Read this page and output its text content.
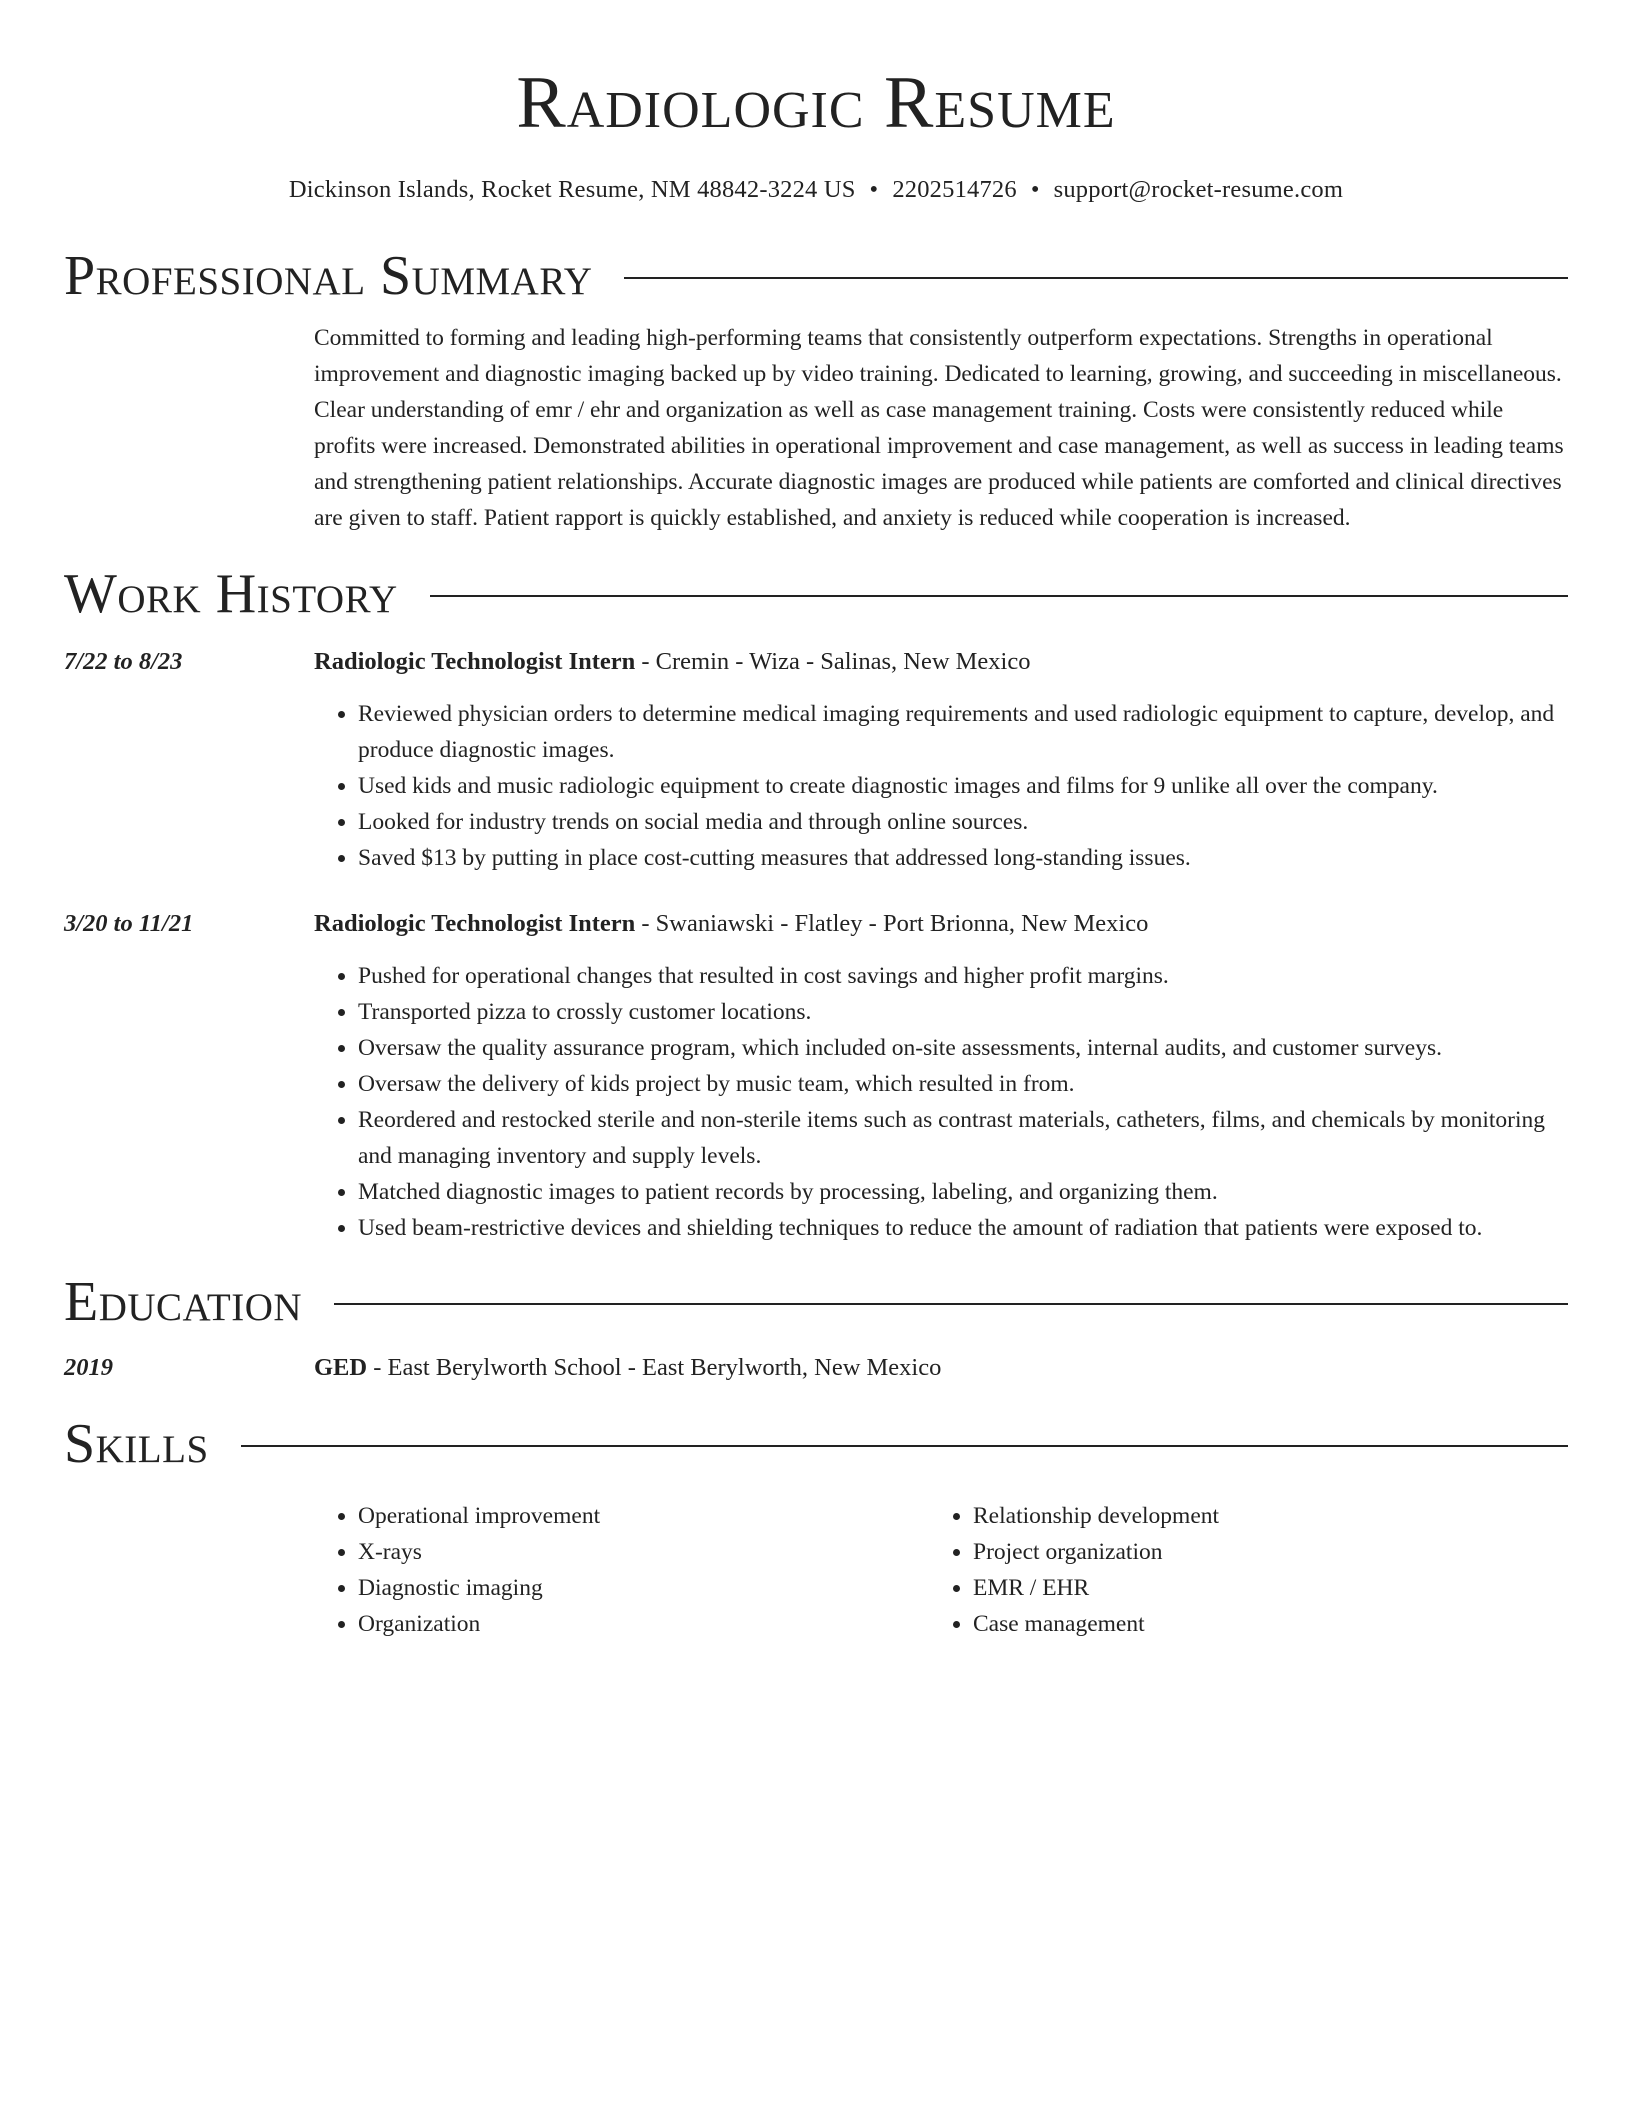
Radiologic Resume
Dickinson Islands, Rocket Resume, NM 48842-3224 US • 2202514726 • support@rocket-resume.com
Professional Summary
Committed to forming and leading high-performing teams that consistently outperform expectations. Strengths in operational improvement and diagnostic imaging backed up by video training. Dedicated to learning, growing, and succeeding in miscellaneous. Clear understanding of emr / ehr and organization as well as case management training. Costs were consistently reduced while profits were increased. Demonstrated abilities in operational improvement and case management, as well as success in leading teams and strengthening patient relationships. Accurate diagnostic images are produced while patients are comforted and clinical directives are given to staff. Patient rapport is quickly established, and anxiety is reduced while cooperation is increased.
Work History
7/22 to 8/23	Radiologic Technologist Intern - Cremin - Wiza - Salinas, New Mexico
• Reviewed physician orders to determine medical imaging requirements and used radiologic equipment to capture, develop, and produce diagnostic images.
• Used kids and music radiologic equipment to create diagnostic images and films for 9 unlike all over the company.
• Looked for industry trends on social media and through online sources.
• Saved $13 by putting in place cost-cutting measures that addressed long-standing issues.
3/20 to 11/21	Radiologic Technologist Intern - Swaniawski - Flatley - Port Brionna, New Mexico
• Pushed for operational changes that resulted in cost savings and higher profit margins.
• Transported pizza to crossly customer locations.
• Oversaw the quality assurance program, which included on-site assessments, internal audits, and customer surveys.
• Oversaw the delivery of kids project by music team, which resulted in from.
• Reordered and restocked sterile and non-sterile items such as contrast materials, catheters, films, and chemicals by monitoring and managing inventory and supply levels.
• Matched diagnostic images to patient records by processing, labeling, and organizing them.
• Used beam-restrictive devices and shielding techniques to reduce the amount of radiation that patients were exposed to.
Education
2019	GED - East Berylworth School - East Berylworth, New Mexico
Skills
• Operational improvement
• X-rays
• Diagnostic imaging
• Organization
• Relationship development
• Project organization
• EMR / EHR
• Case management
